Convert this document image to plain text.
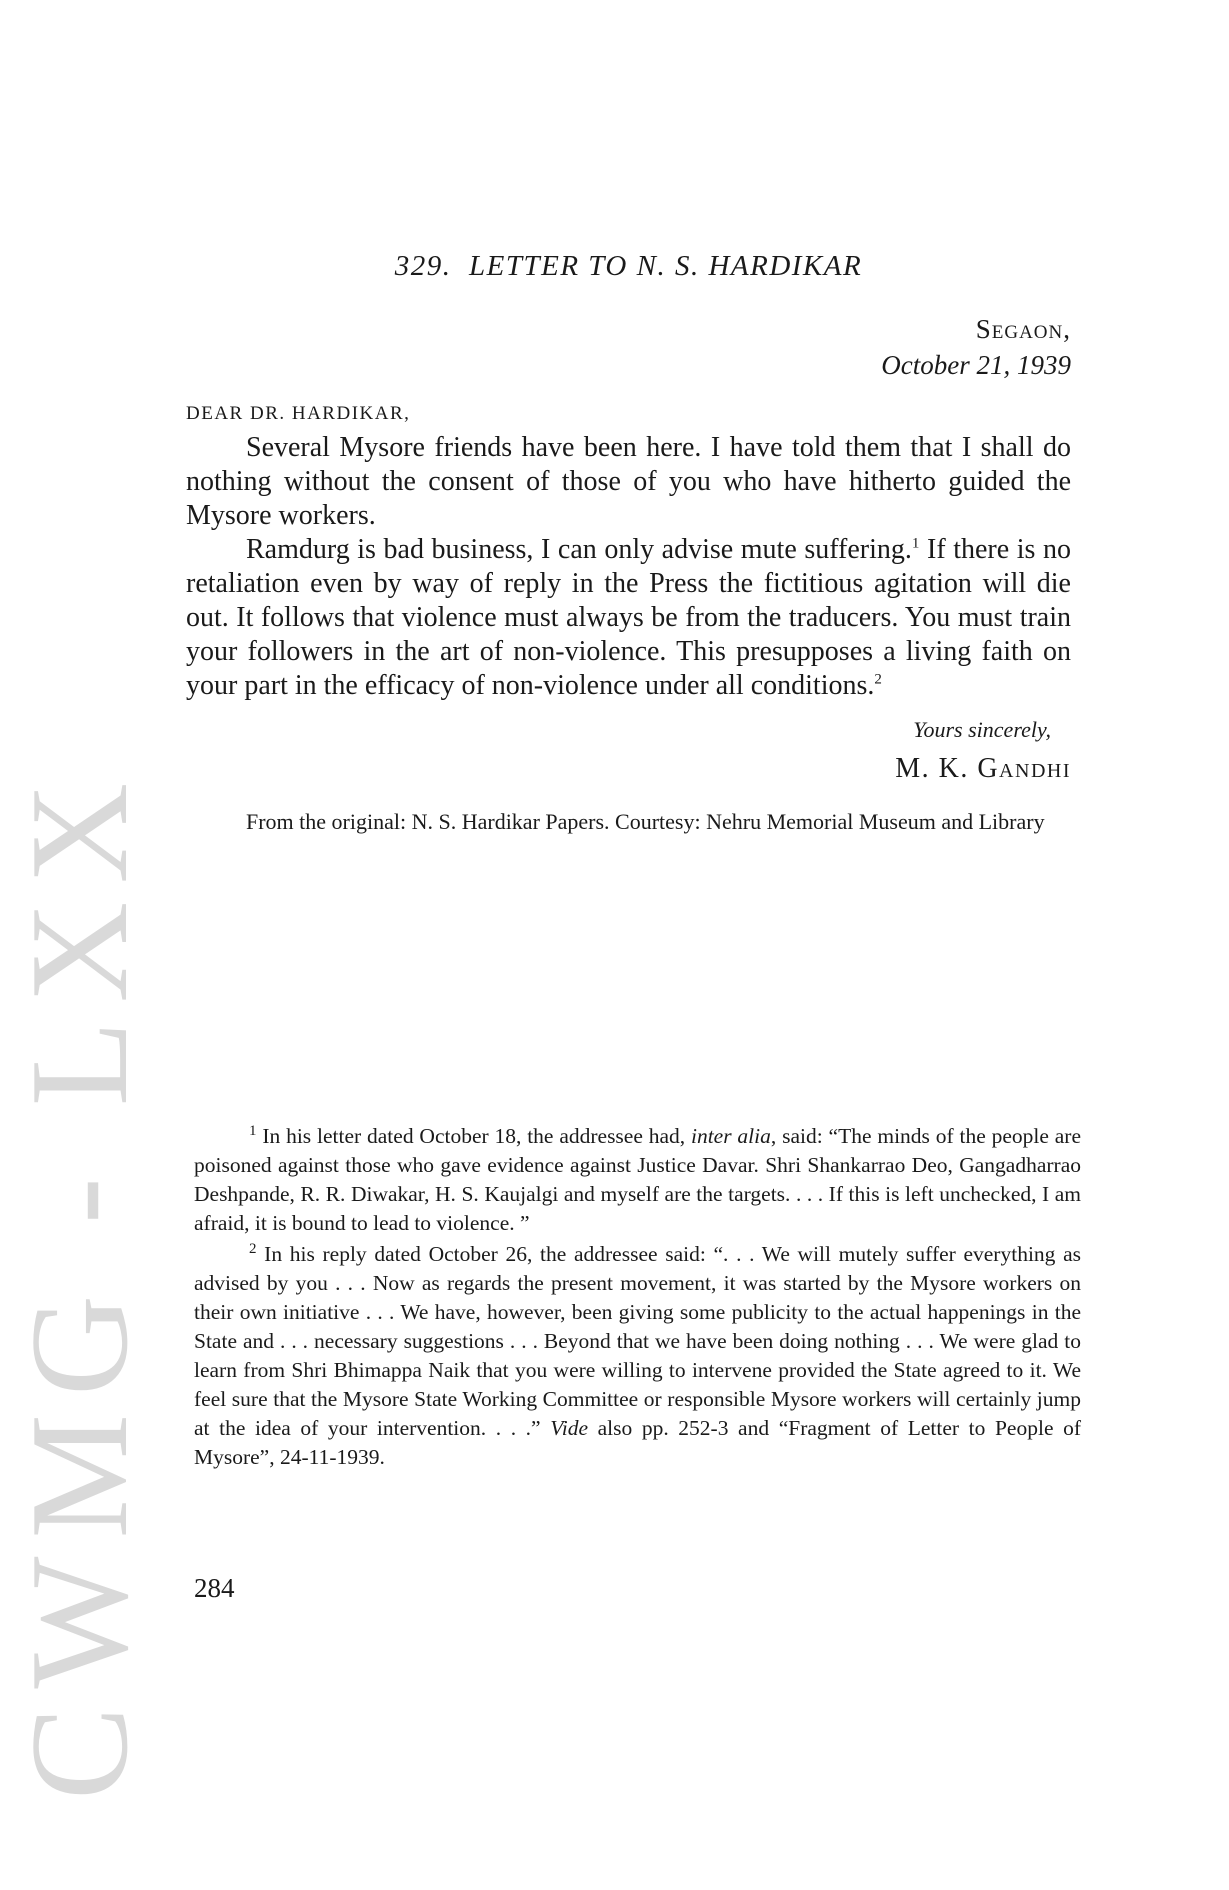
CWMG - LXX
329. LETTER TO N. S. HARDIKAR
Segaon,
October 21, 1939
DEAR DR. HARDIKAR,

Several Mysore friends have been here. I have told them that I shall do nothing without the consent of those of you who have hitherto guided the Mysore workers.

Ramdurg is bad business, I can only advise mute suffering.$^1$ If there is no retaliation even by way of reply in the Press the fictitious agitation will die out. It follows that violence must always be from the traducers. You must train your followers in the art of non-violence. This presupposes a living faith on your part in the efficacy of non-violence under all conditions.$^2$

Yours sincerely,
M. K. Gandhi
From the original: N. S. Hardikar Papers. Courtesy: Nehru Memorial Museum and Library

$^1$ In his letter dated October 18, the addressee had, inter alia, said: “The minds of the people are poisoned against those who gave evidence against Justice Davar. Shri Shankarrao Deo, Gangadharrao Deshpande, R. R. Diwakar, H. S. Kaujalgi and myself are the targets. . . . If this is left unchecked, I am afraid, it is bound to lead to violence. ”

$^2$ In his reply dated October 26, the addressee said: “. . . We will mutely suffer everything as advised by you . . . Now as regards the present movement, it was started by the Mysore workers on their own initiative . . . We have, however, been giving some publicity to the actual happenings in the State and . . . necessary suggestions . . . Beyond that we have been doing nothing . . . We were glad to learn from Shri Bhimappa Naik that you were willing to intervene provided the State agreed to it. We feel sure that the Mysore State Working Committee or responsible Mysore workers will certainly jump at the idea of your intervention. . . .” Vide also pp. 252-3 and “Fragment of Letter to People of Mysore”, 24-11-1939.

284
